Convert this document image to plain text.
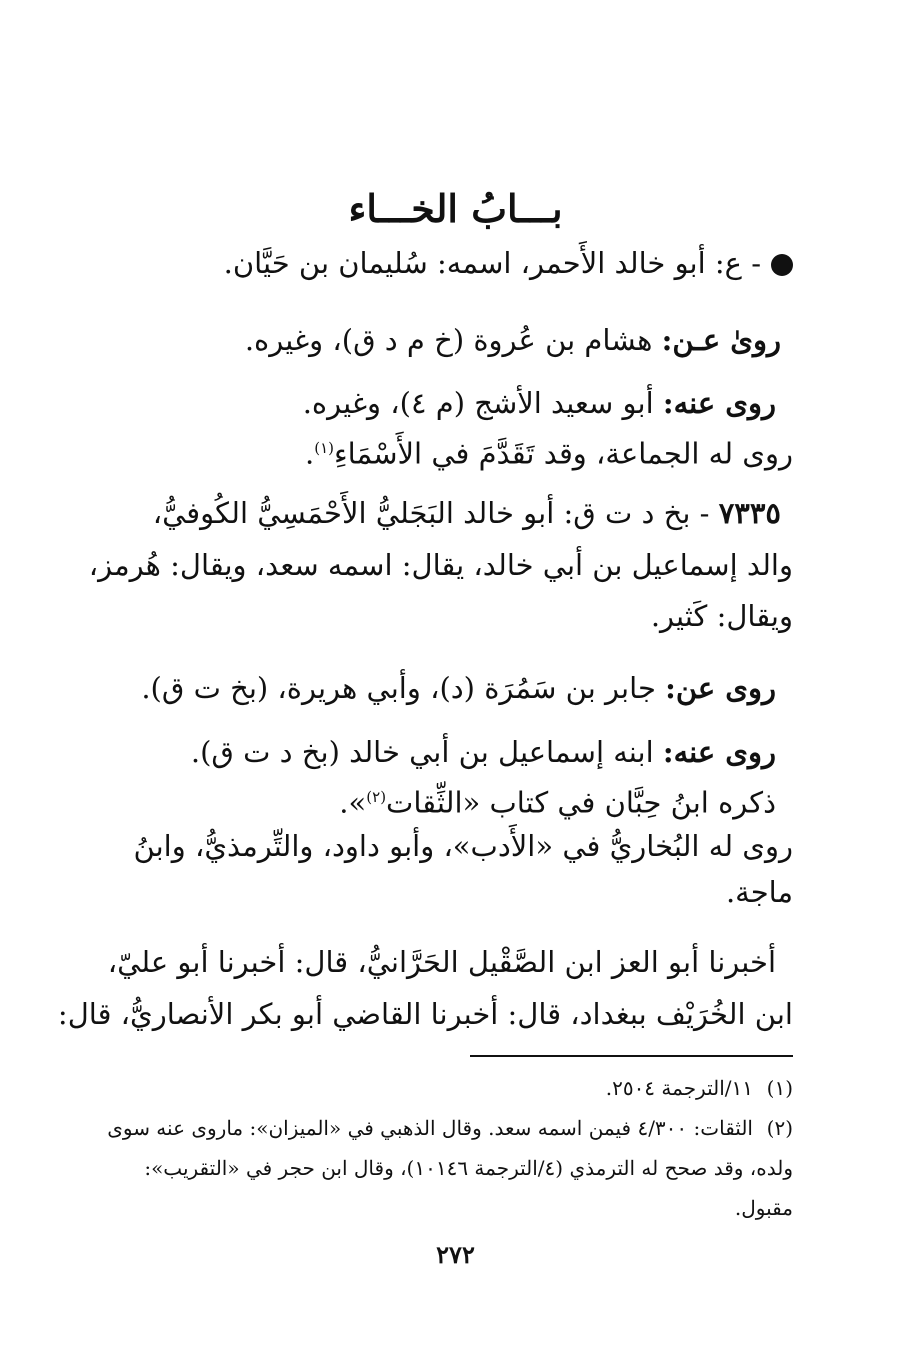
بـــابُ الخـــاء
- ع: أبو خالد الأَحمر، اسمه: سُليمان بن حَيَّان.
روىٰ عـن: هشام بن عُروة (خ م د ق)، وغيره.
روى عنه: أبو سعيد الأشج (م ٤)، وغيره.
روى له الجماعة، وقد تَقَدَّمَ في الأَسْمَاءِ$^{(١)}$.
٧٣٣٥ - بخ د ت ق: أبو خالد البَجَليُّ الأَحْمَسِيُّ الكُوفيُّ،
والد إسماعيل بن أبي خالد، يقال: اسمه سعد، ويقال: هُرمز،
ويقال: كَثير.
روى عن: جابر بن سَمُرَة (د)، وأبي هريرة، (بخ ت ق).
روى عنه: ابنه إسماعيل بن أبي خالد (بخ د ت ق).
ذكره ابنُ حِبَّان في كتاب «الثِّقات$^{(٢)}$».
روى له البُخاريُّ في «الأَدب»، وأبو داود، والتِّرمذيُّ، وابنُ
ماجة.
أخبرنا أبو العز ابن الصَّقْيل الحَرَّانيُّ، قال: أخبرنا أبو عليّ،
ابن الخُرَيْف ببغداد، قال: أخبرنا القاضي أبو بكر الأنصاريُّ، قال:
(١)١١/الترجمة ٢٥٠٤.
(٢)الثقات: ٤/٣٠٠ فيمن اسمه سعد. وقال الذهبي في «الميزان»: ماروى عنه سوى
ولده، وقد صحح له الترمذي (٤/الترجمة ١٠١٤٦)، وقال ابن حجر في «التقريب»:
مقبول.
٢٧٢
